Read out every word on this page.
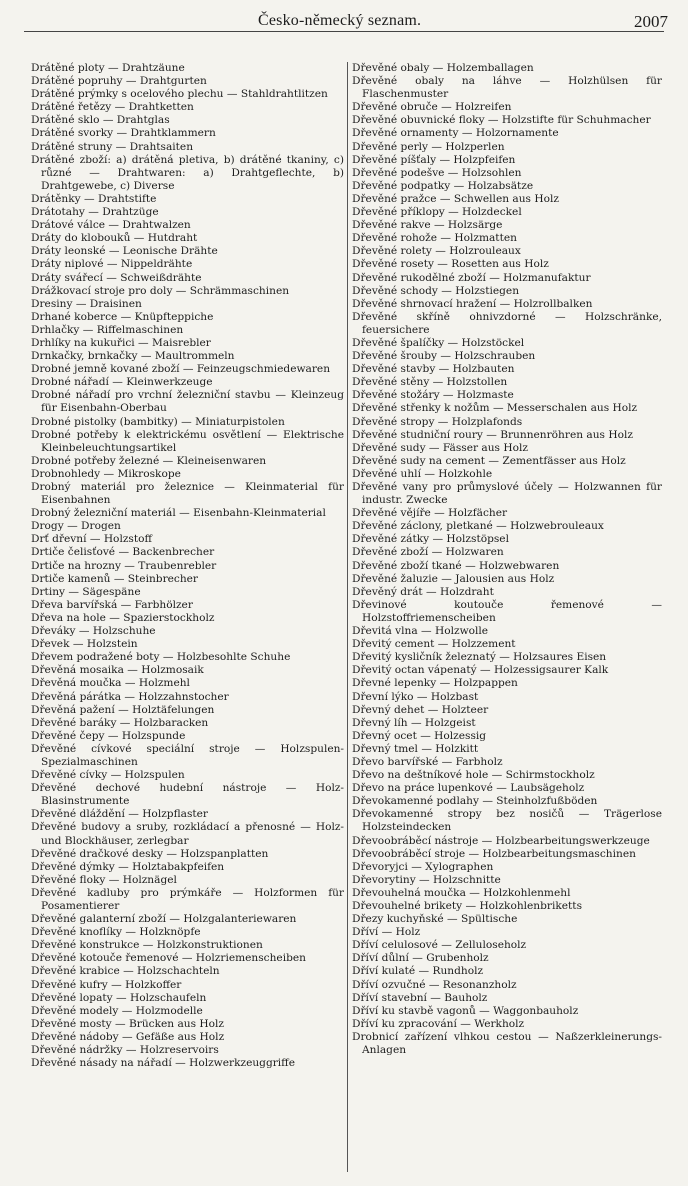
Česko-německý seznam.	2007

Drátěné ploty — Drahtzäune

Drátěné popruhy — Drahtgurten

Drátěné prýmky s ocelového plechu — Stahldrahtlitzen

Drátěné řetězy — Drahtketten

Drátěné sklo — Drahtglas

Drátěné svorky — Drahtklammern

Drátěné struny — Drahtsaiten

Drátěné zboží: a) drátěná pletiva, b) drátěné tkaniny, c) různé — Drahtwaren: a) Drahtgeflechte, b) Drahtgewebe, c) Diverse

Drátěnky — Drahtstifte

Drátotahy — Drahtzüge

Drátové válce — Drahtwalzen

Dráty do klobouků — Hutdraht

Dráty leonské — Leonische Drähte

Dráty niplové — Nippeldrähte

Dráty svářecí — Schweißdrähte

Drážkovací stroje pro doly — Schrämmaschinen

Dresiny — Draisinen

Drhané koberce — Knüpfteppiche

Drhlačky — Riffelmaschinen

Drhlíky na kukuřici — Maisrebler

Drnkačky, brnkačky — Maultrommeln

Drobné jemně kované zboží — Feinzeugschmiedewaren

Drobné nářadí — Kleinwerkzeuge

Drobné nářadí pro vrchní železniční stavbu — Kleinzeug für Eisenbahn-Oberbau

Drobné pistolky (bambitky) — Miniaturpistolen

Drobné potřeby k elektrickému osvětlení — Elektrische Kleinbeleuchtungsartikel

Drobné potřeby železné — Kleineisenwaren

Drobnohledy — Mikroskope

Drobný materiál pro železnice — Kleinmaterial für Eisenbahnen

Drobný železniční materiál — Eisenbahn-Kleinmaterial

Drogy — Drogen

Drť dřevní — Holzstoff

Drtiče čelisťové — Backenbrecher

Drtiče na hrozny — Traubenrebler

Drtiče kamenů — Steinbrecher

Drtiny — Sägespäne

Dřeva barvířská — Farbhölzer

Dřeva na hole — Spazierstockholz

Dřeváky — Holzschuhe

Dřevek — Holzstein

Dřevem podražené boty — Holzbesohlte Schuhe

Dřevěná mosaika — Holzmosaik

Dřevěná moučka — Holzmehl

Dřevěná párátka — Holzzahnstocher

Dřevěná pažení — Holztäfelungen

Dřevěné baráky — Holzbaracken

Dřevěné čepy — Holzspunde

Dřevěné cívkové speciální stroje — Holzspulen-Spezialmaschinen

Dřevěné cívky — Holzspulen

Dřevěné dechové hudební nástroje — Holz-Blasinstrumente

Dřevěné dláždění — Holzpflaster

Dřevěné budovy a sruby, rozkládací a přenosné — Holz- und Blockhäuser, zerlegbar

Dřevěné dračkové desky — Holzspanplatten

Dřevěné dýmky — Holztabakpfeifen

Dřevěné floky — Holznägel

Dřevěné kadluby pro prýmkáře — Holzformen für Posamentierer

Dřevěné galanterní zboží — Holzgalanteriewaren

Dřevěné knoflíky — Holzknöpfe

Dřevěné konstrukce — Holzkonstruktionen

Dřevěné kotouče řemenové — Holzriemenscheiben

Dřevěné krabice — Holzschachteln

Dřevěné kufry — Holzkoffer

Dřevěné lopaty — Holzschaufeln

Dřevěné modely — Holzmodelle

Dřevěné mosty — Brücken aus Holz

Dřevěné nádoby — Gefäße aus Holz

Dřevěné nádržky — Holzreservoirs

Dřevěné násady na nářadí — Holzwerkzeuggriffe

Dřevěné obaly — Holzemballagen

Dřevěné obaly na láhve — Holzhülsen für Flaschenmuster

Dřevěné obruče — Holzreifen

Dřevěné obuvnické floky — Holzstifte für Schuhmacher

Dřevěné ornamenty — Holzornamente

Dřevěné perly — Holzperlen

Dřevěné píšťaly — Holzpfeifen

Dřevěné podešve — Holzsohlen

Dřevěné podpatky — Holzabsätze

Dřevěné pražce — Schwellen aus Holz

Dřevěné příklopy — Holzdeckel

Dřevěné rakve — Holzsärge

Dřevěné rohože — Holzmatten

Dřevěné rolety — Holzrouleaux

Dřevěné rosety — Rosetten aus Holz

Dřevěné rukodělné zboží — Holzmanufaktur

Dřevěné schody — Holzstiegen

Dřevěné shrnovací hražení — Holzrollbalken

Dřevěné skříně ohnivzdorné — Holzschränke, feuersichere

Dřevěné špalíčky — Holzstöckel

Dřevěné šrouby — Holzschrauben

Dřevěné stavby — Holzbauten

Dřevěné stěny — Holzstollen

Dřevěné stožáry — Holzmaste

Dřevěné střenky k nožům — Messerschalen aus Holz

Dřevěné stropy — Holzplafonds

Dřevěné studniční roury — Brunnenröhren aus Holz

Dřevěné sudy — Fässer aus Holz

Dřevěné sudy na cement — Zementfässer aus Holz

Dřevěné uhlí — Holzkohle

Dřevěné vany pro průmyslové účely — Holzwannen für industr. Zwecke

Dřevěné vějíře — Holzfächer

Dřevěné záclony, pletkané — Holzwebrouleaux

Dřevěné zátky — Holzstöpsel

Dřevěné zboží — Holzwaren

Dřevěné zboží tkané — Holzwebwaren

Dřevěné žaluzie — Jalousien aus Holz

Dřevěný drát — Holzdraht

Dřevinové koutouče řemenové — Holzstoffriemenscheiben

Dřevitá vlna — Holzwolle

Dřevitý cement — Holzzement

Dřevitý kysličník železnatý — Holzsaures Eisen

Dřevitý octan vápenatý — Holzessigsaurer Kalk

Dřevné lepenky — Holzpappen

Dřevní lýko — Holzbast

Dřevný dehet — Holzteer

Dřevný líh — Holzgeist

Dřevný ocet — Holzessig

Dřevný tmel — Holzkitt

Dřevo barvířské — Farbholz

Dřevo na deštníkové hole — Schirmstockholz

Dřevo na práce lupenkové — Laubsägeholz

Dřevokamenné podlahy — Steinholzfußböden

Dřevokamenné stropy bez nosičů — Trägerlose Holzsteindecken

Dřevoobráběcí nástroje — Holzbearbeitungswerkzeuge

Dřevoobráběcí stroje — Holzbearbeitungsmaschinen

Dřevoryjci — Xylographen

Dřevorytiny — Holzschnitte

Dřevouhelná moučka — Holzkohlenmehl

Dřevouhelné brikety — Holzkohlenbriketts

Dřezy kuchyňské — Spültische

Dříví — Holz

Dříví celulosové — Zelluloseholz

Dříví důlní — Grubenholz

Dříví kulaté — Rundholz

Dříví ozvučné — Resonanzholz

Dříví stavební — Bauholz

Dříví ku stavbě vagonů — Waggonbauholz

Dříví ku zpracování — Werkholz

Drobnicí zařízení vlhkou cestou — Naßzerkleinerungs-Anlagen
